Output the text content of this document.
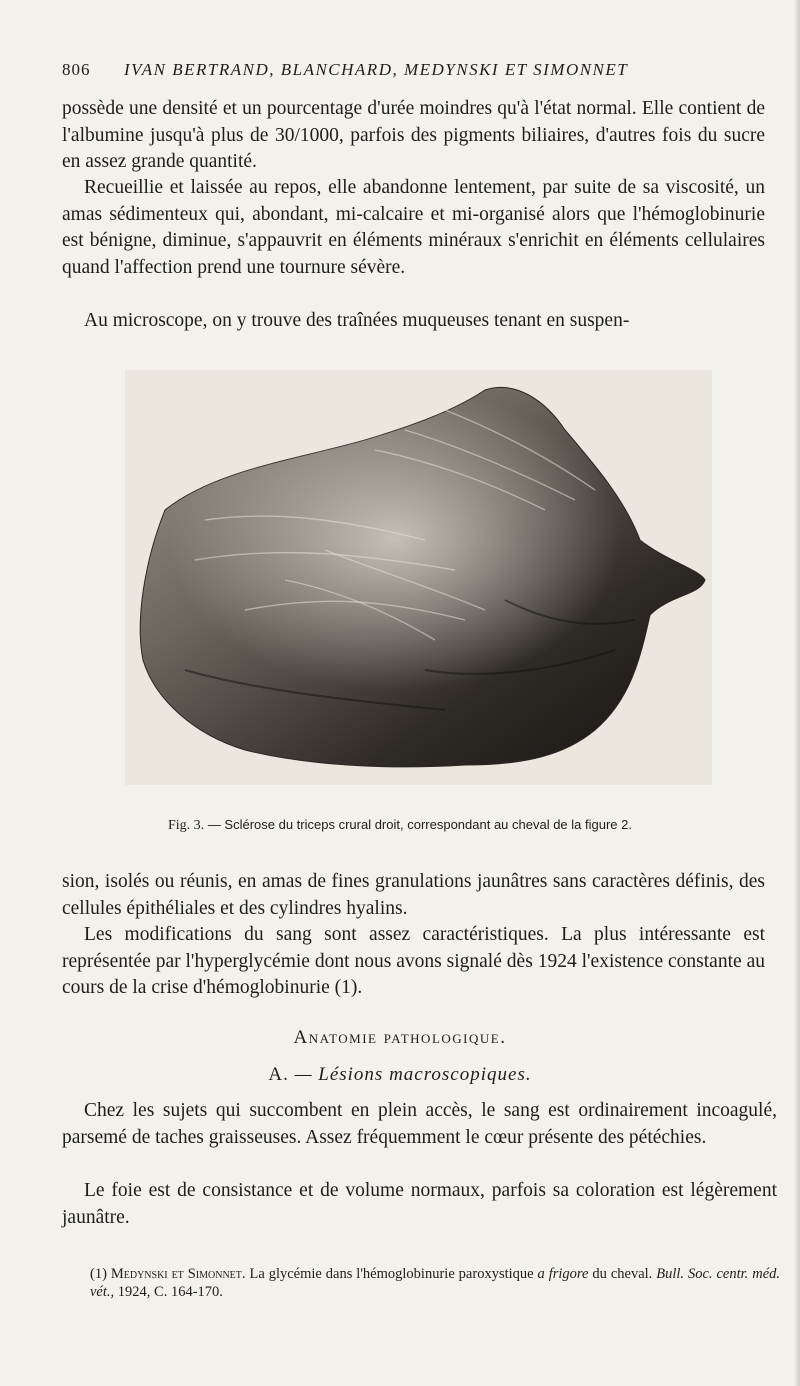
806 IVAN BERTRAND, BLANCHARD, MEDYNSKI ET SIMONNET

possède une densité et un pourcentage d'urée moindres qu'à l'état normal. Elle contient de l'albumine jusqu'à plus de 30/1000, parfois des pigments biliaires, d'autres fois du sucre en assez grande quantité.

Recueillie et laissée au repos, elle abandonne lentement, par suite de sa viscosité, un amas sédimenteux qui, abondant, mi-calcaire et mi-organisé alors que l'hémoglobinurie est bénigne, diminue, s'appauvrit en éléments minéraux s'enrichit en éléments cellulaires quand l'affection prend une tournure sévère.

Au microscope, on y trouve des traînées muqueuses tenant en suspen-

Fig. 3. — Sclérose du triceps crural droit, correspondant au cheval de la figure 2.

sion, isolés ou réunis, en amas de fines granulations jaunâtres sans caractères définis, des cellules épithéliales et des cylindres hyalins.

Les modifications du sang sont assez caractéristiques. La plus intéressante est représentée par l'hyperglycémie dont nous avons signalé dès 1924 l'existence constante au cours de la crise d'hémoglobinurie (1).

Anatomie pathologique.
A. — Lésions macroscopiques.

Chez les sujets qui succombent en plein accès, le sang est ordinairement incoagulé, parsemé de taches graisseuses. Assez fréquemment le cœur présente des pétéchies.

Le foie est de consistance et de volume normaux, parfois sa coloration est légèrement jaunâtre.

(1) Medynski et Simonnet. La glycémie dans l'hémoglobinurie paroxystique a frigore du cheval. Bull. Soc. centr. méd. vét., 1924, C. 164-170.
